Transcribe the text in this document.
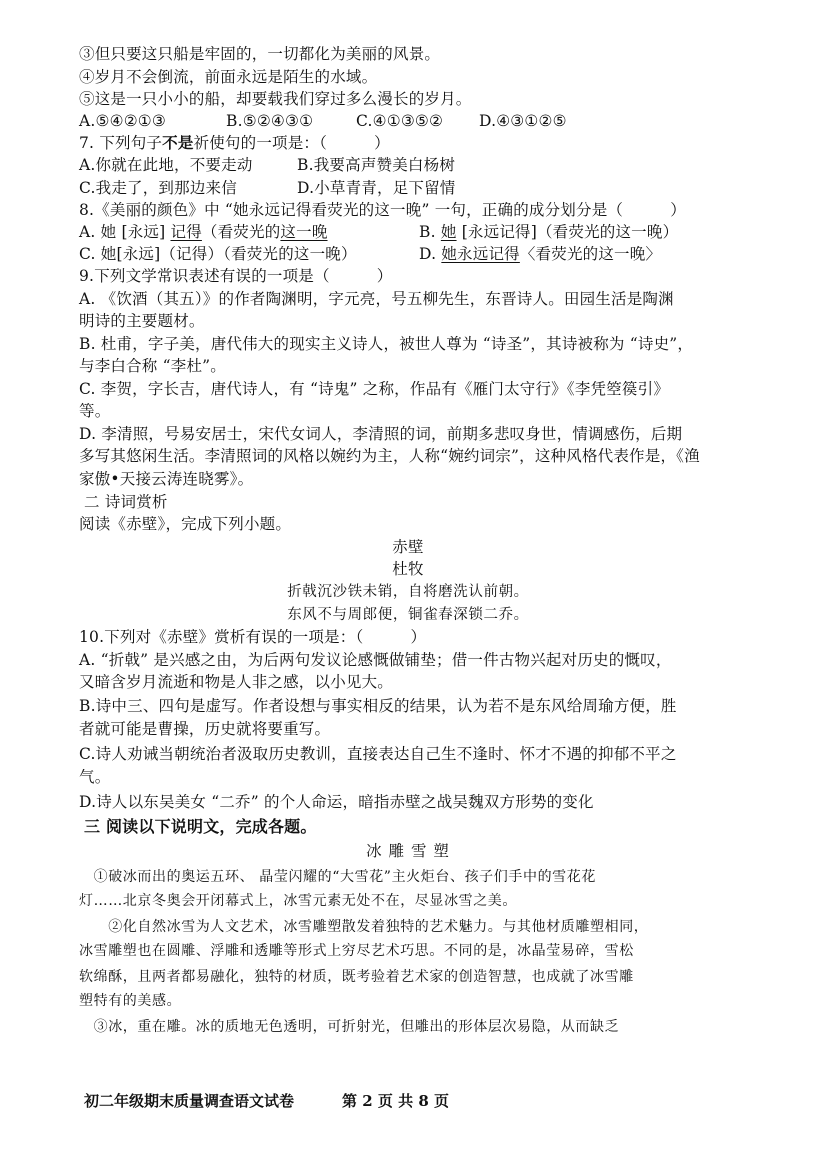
③但只要这只船是牢固的，一切都化为美丽的风景。
④岁月不会倒流，前面永远是陌生的水域。
⑤这是一只小小的船，却要载我们穿过多么漫长的岁月。
A.⑤④②①③	B.⑤②④③①	C.④①③⑤② D.④③①②⑤
7. 下列句子不是祈使句的一项是：（　　　）
A.你就在此地，不要走动	B.我要高声赞美白杨树
C.我走了，到那边来信	D.小草青青，足下留情
8.《美丽的颜色》中 “她永远记得看荧光的这一晚” 一句，正确的成分划分是（　　　）
A. 她 [永远] 记得（看荧光的这一晚	B. 她 [永远记得]（看荧光的这一晚）
C. 她[永远]（记得）（看荧光的这一晚）	D. 她永远记得〈看荧光的这一晚〉
9.下列文学常识表述有误的一项是（　　　）
A. 《饮酒（其五）》的作者陶渊明，字元亮，号五柳先生，东晋诗人。田园生活是陶渊
明诗的主要题材。
B. 杜甫，字子美，唐代伟大的现实主义诗人，被世人尊为 “诗圣”，其诗被称为 “诗史”，
与李白合称 “李杜”。
C. 李贺，字长吉，唐代诗人，有 “诗鬼” 之称，作品有《雁门太守行》《李凭箜篌引》
等。
D. 李清照，号易安居士，宋代女词人，李清照的词，前期多悲叹身世，情调感伤，后期
多写其悠闲生活。李清照词的风格以婉约为主，人称“婉约词宗”，这种风格代表作是，《渔
家傲•天接云涛连晓雾》。
二 诗词赏析
阅读《赤壁》，完成下列小题。
赤壁
杜牧
折戟沉沙铁未销，自将磨洗认前朝。
东风不与周郎便，铜雀春深锁二乔。
10.下列对《赤壁》赏析有误的一项是：（　　　）
A. “折戟” 是兴感之由，为后两句发议论感慨做铺垫；借一件古物兴起对历史的慨叹，
又暗含岁月流逝和物是人非之感，以小见大。
B.诗中三、四句是虚写。作者设想与事实相反的结果，认为若不是东风给周瑜方便，胜
者就可能是曹操，历史就将要重写。
C.诗人劝诫当朝统治者汲取历史教训，直接表达自己生不逢时、怀才不遇的抑郁不平之
气。
D.诗人以东吴美女 “二乔” 的个人命运，暗指赤壁之战吴魏双方形势的变化
三 阅读以下说明文，完成各题。
冰 雕 雪 塑
　①破冰而出的奥运五环、 晶莹闪耀的“大雪花”主火炬台、孩子们手中的雪花花
灯……北京冬奥会开闭幕式上，冰雪元素无处不在，尽显冰雪之美。
　　②化自然冰雪为人文艺术，冰雪雕塑散发着独特的艺术魅力。与其他材质雕塑相同，
冰雪雕塑也在圆雕、浮雕和透雕等形式上穷尽艺术巧思。不同的是，冰晶莹易碎，雪松
软绵酥，且两者都易融化，独特的材质，既考验着艺术家的创造智慧，也成就了冰雪雕
塑特有的美感。
　③冰，重在雕。冰的质地无色透明，可折射光，但雕出的形体层次易隐，从而缺乏
初二年级期末质量调查语文试卷	第 2 页 共 8 页
